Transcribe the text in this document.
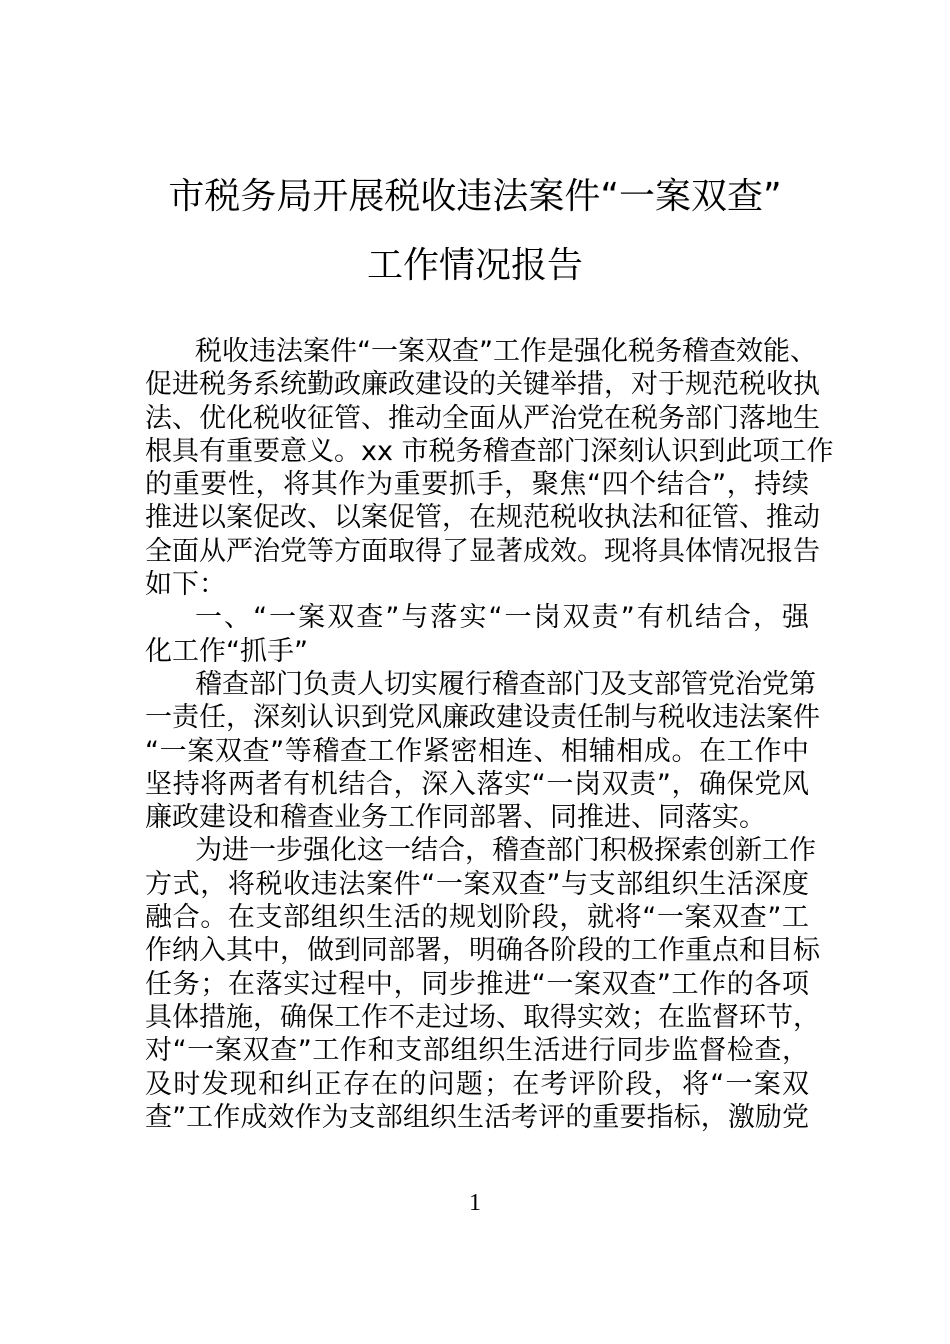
市税务局开展税收违法案件“一案双查”
工作情况报告
税收违法案件“一案双查”工作是强化税务稽查效能、
促进税务系统勤政廉政建设的关键举措，对于规范税收执
法、优化税收征管、推动全面从严治党在税务部门落地生
根具有重要意义。xx 市税务稽查部门深刻认识到此项工作
的重要性，将其作为重要抓手，聚焦“四个结合”，持续
推进以案促改、以案促管，在规范税收执法和征管、推动
全面从严治党等方面取得了显著成效。现将具体情况报告
如下：
一、“一案双查”与落实“一岗双责”有机结合，强
化工作“抓手”
稽查部门负责人切实履行稽查部门及支部管党治党第
一责任，深刻认识到党风廉政建设责任制与税收违法案件
“一案双查”等稽查工作紧密相连、相辅相成。在工作中
坚持将两者有机结合，深入落实“一岗双责”，确保党风
廉政建设和稽查业务工作同部署、同推进、同落实。
为进一步强化这一结合，稽查部门积极探索创新工作
方式，将税收违法案件“一案双查”与支部组织生活深度
融合。在支部组织生活的规划阶段，就将“一案双查”工
作纳入其中，做到同部署，明确各阶段的工作重点和目标
任务；在落实过程中，同步推进“一案双查”工作的各项
具体措施，确保工作不走过场、取得实效；在监督环节，
对“一案双查”工作和支部组织生活进行同步监督检查，
及时发现和纠正存在的问题；在考评阶段，将“一案双
查”工作成效作为支部组织生活考评的重要指标，激励党
1
